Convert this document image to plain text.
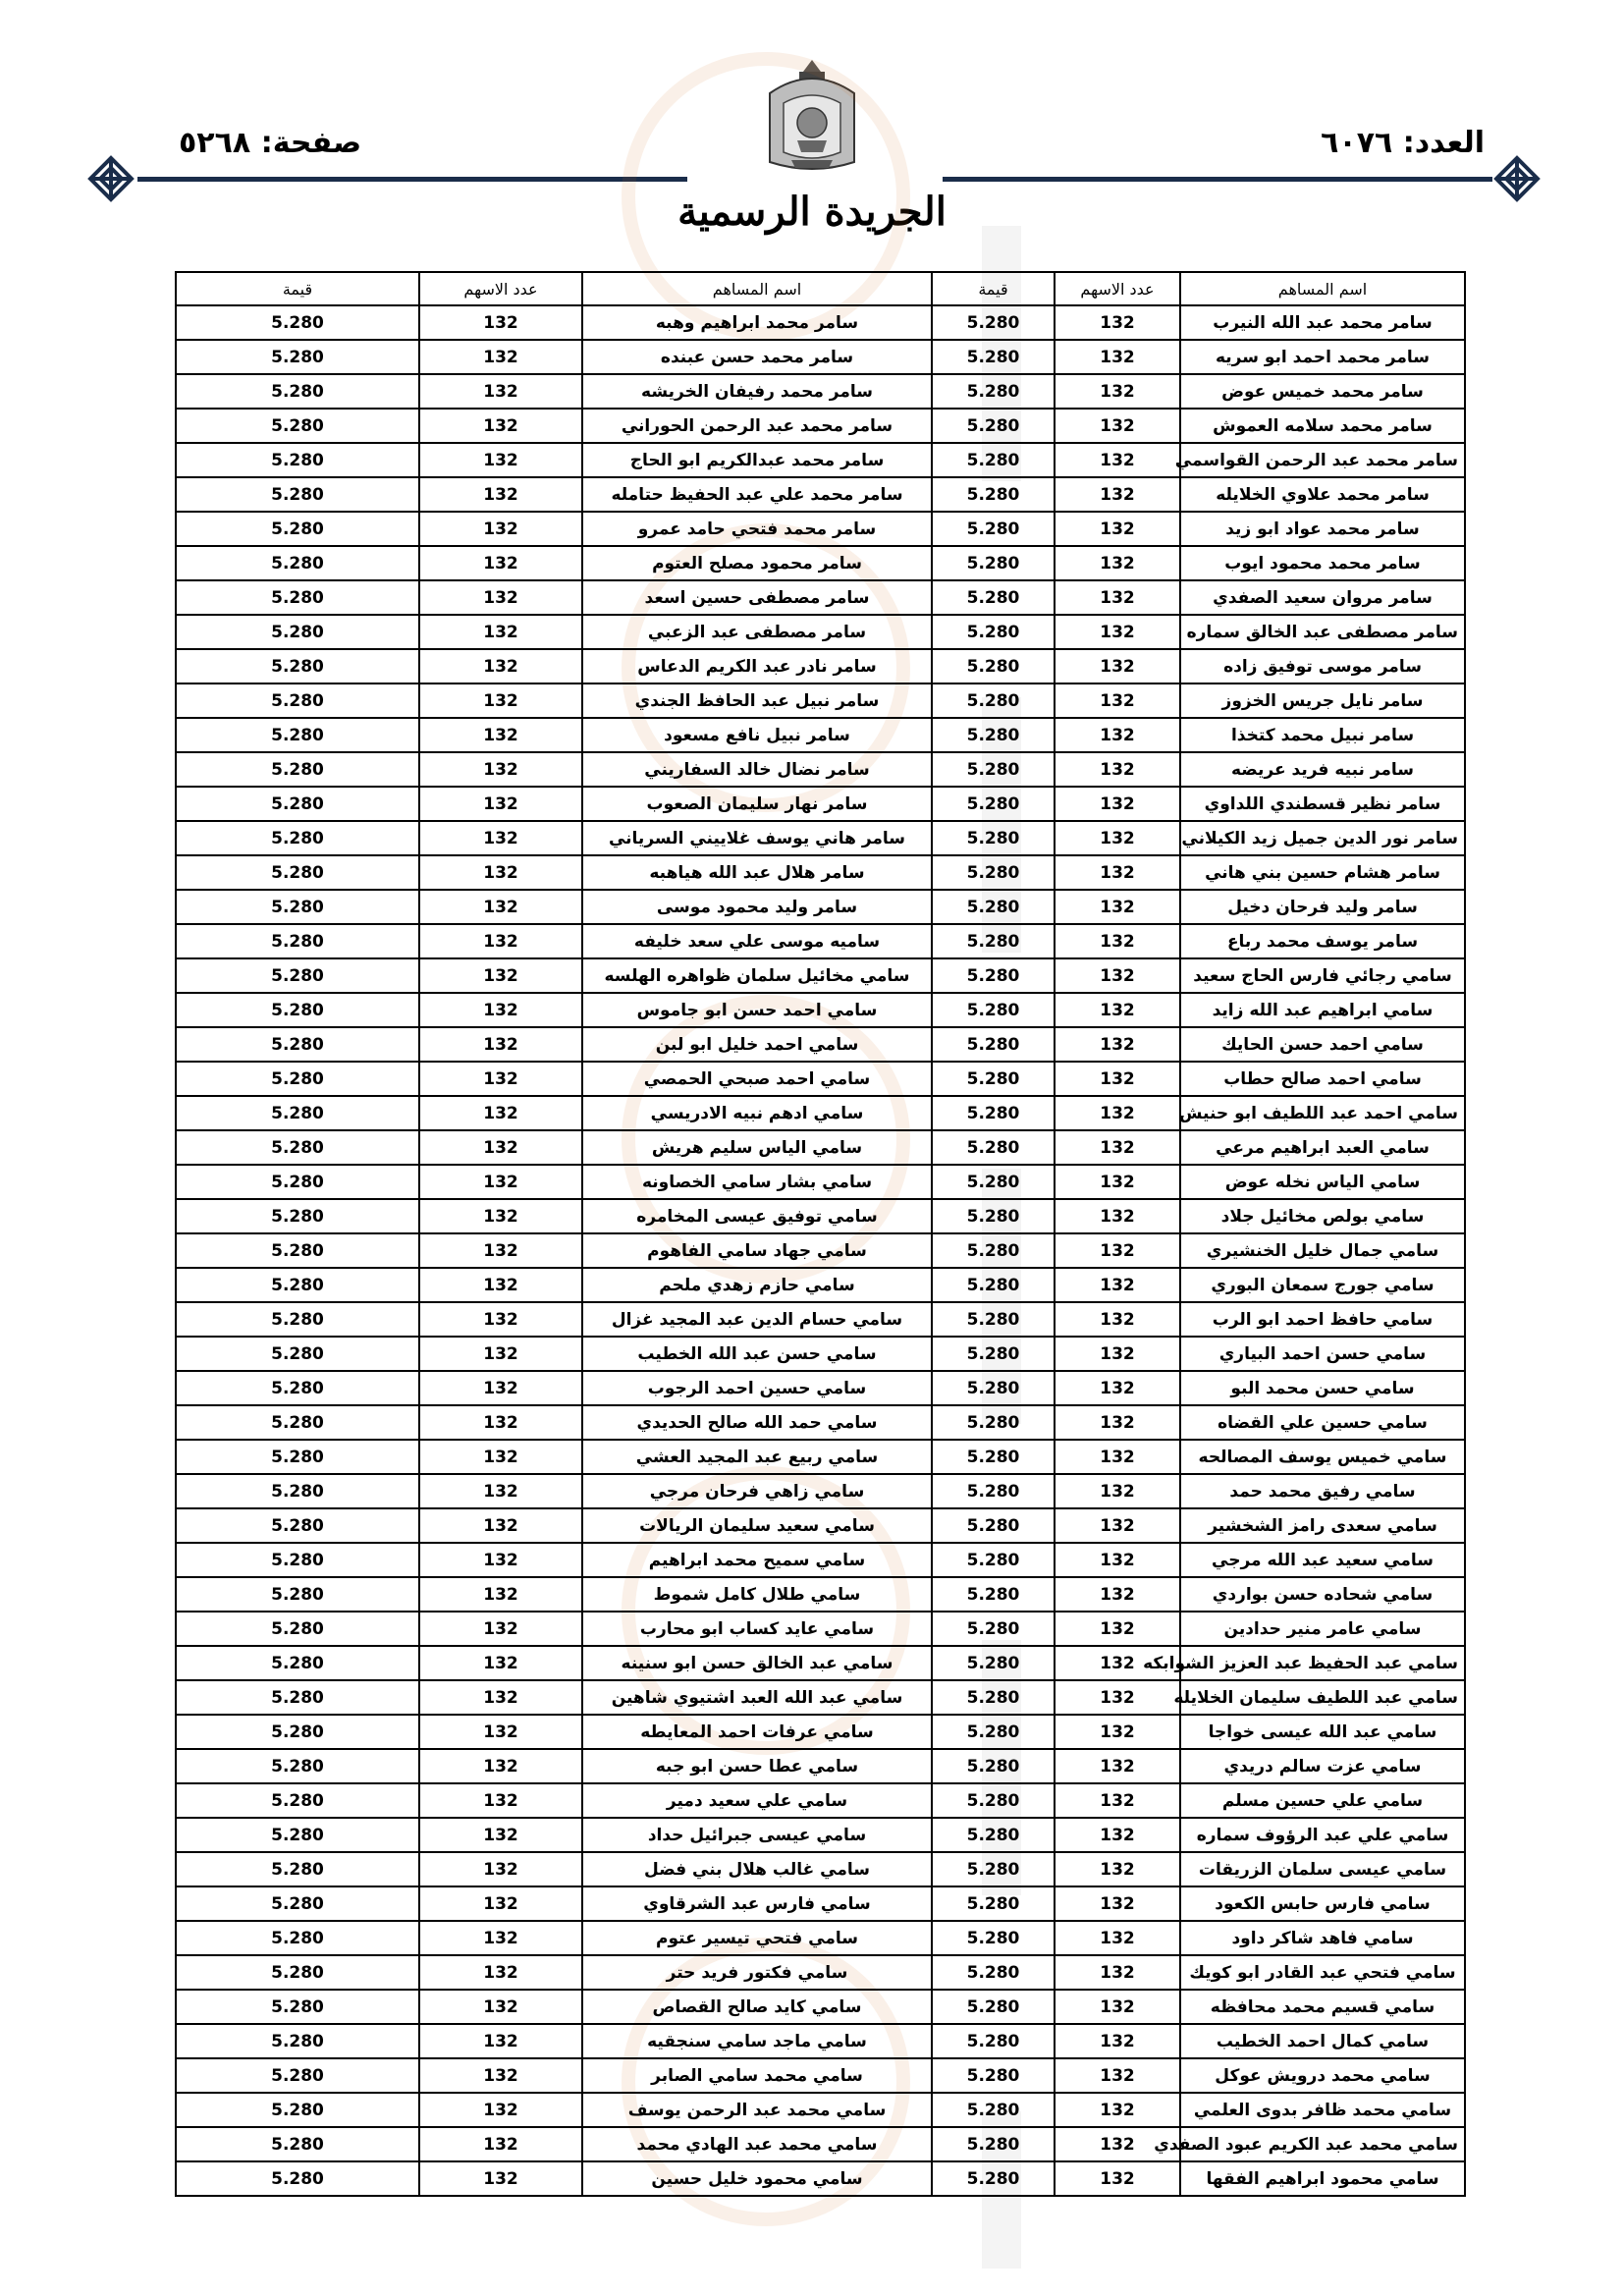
العدد: ٦٠٧٦
صفحة: ٥٢٦٨
الجريدة الرسمية
اسم المساهم	عدد الاسهم	قيمة	اسم المساهم	عدد الاسهم	قيمة
سامر محمد عبد الله النيرب	132	5.280	سامر محمد ابراهيم وهبه	132	5.280
سامر محمد احمد ابو سريه	132	5.280	سامر محمد حسن عبنده	132	5.280
سامر محمد خميس عوض	132	5.280	سامر محمد رفيفان الخريشه	132	5.280
سامر محمد سلامه العموش	132	5.280	سامر محمد عبد الرحمن الحوراني	132	5.280
سامر محمد عبد الرحمن القواسمي	132	5.280	سامر محمد عبدالكريم ابو الحاج	132	5.280
سامر محمد علاوي الخلايله	132	5.280	سامر محمد علي عبد الحفيظ حتامله	132	5.280
سامر محمد عواد ابو زيد	132	5.280	سامر محمد فتحي حامد عمرو	132	5.280
سامر محمد محمود ايوب	132	5.280	سامر محمود مصلح العتوم	132	5.280
سامر مروان سعيد الصفدي	132	5.280	سامر مصطفى حسين اسعد	132	5.280
سامر مصطفى عبد الخالق سماره	132	5.280	سامر مصطفى عبد الزعبي	132	5.280
سامر موسى توفيق زاده	132	5.280	سامر نادر عبد الكريم الدعاس	132	5.280
سامر نايل جريس الخزوز	132	5.280	سامر نبيل عبد الحافظ الجندي	132	5.280
سامر نبيل محمد كتخذا	132	5.280	سامر نبيل نافع مسعود	132	5.280
سامر نبيه فريد عريضه	132	5.280	سامر نضال خالد السفاريني	132	5.280
سامر نظير قسطندي اللداوي	132	5.280	سامر نهار سليمان الصعوب	132	5.280
سامر نور الدين جميل زيد الكيلاني	132	5.280	سامر هاني يوسف غلاييني السرياني	132	5.280
سامر هشام حسين بني هاني	132	5.280	سامر هلال عبد الله هياهبه	132	5.280
سامر وليد فرحان دخيل	132	5.280	سامر وليد محمود موسى	132	5.280
سامر يوسف محمد رباع	132	5.280	ساميه موسى علي سعد خليفه	132	5.280
سامي رجائي فارس الحاج سعيد	132	5.280	سامي مخائيل سلمان ظواهره الهلسه	132	5.280
سامي ابراهيم عبد الله زايد	132	5.280	سامي احمد حسن ابو جاموس	132	5.280
سامي احمد حسن الحايك	132	5.280	سامي احمد خليل ابو لبن	132	5.280
سامي احمد صالح حطاب	132	5.280	سامي احمد صبحي الحمصي	132	5.280
سامي احمد عبد اللطيف ابو حنيش	132	5.280	سامي ادهم نبيه الادريسي	132	5.280
سامي العبد ابراهيم مرعي	132	5.280	سامي الياس سليم هريش	132	5.280
سامي الياس نخله عوض	132	5.280	سامي بشار سامي الخصاونه	132	5.280
سامي بولص مخائيل جلاد	132	5.280	سامي توفيق عيسى المخامره	132	5.280
سامي جمال خليل الخنشيري	132	5.280	سامي جهاد سامي الفاهوم	132	5.280
سامي جورج سمعان البوري	132	5.280	سامي حازم زهدي ملحم	132	5.280
سامي حافظ احمد ابو الرب	132	5.280	سامي حسام الدين عبد المجيد غزال	132	5.280
سامي حسن احمد البياري	132	5.280	سامي حسن عبد الله الخطيب	132	5.280
سامي حسن محمد البو	132	5.280	سامي حسين احمد الرجوب	132	5.280
سامي حسين علي القضاه	132	5.280	سامي حمد الله صالح الحديدي	132	5.280
سامي خميس يوسف المصالحه	132	5.280	سامي ربيع عبد المجيد العشي	132	5.280
سامي رفيق محمد حمد	132	5.280	سامي زاهي فرحان مرجي	132	5.280
سامي سعدى رامز الشخشير	132	5.280	سامي سعيد سليمان الريالات	132	5.280
سامي سعيد عبد الله مرجي	132	5.280	سامي سميح محمد ابراهيم	132	5.280
سامي شحاده حسن بواردي	132	5.280	سامي طلال كامل شموط	132	5.280
سامي عامر منير حدادين	132	5.280	سامي عايد كساب ابو محارب	132	5.280
سامي عبد الحفيظ عبد العزيز الشوابكه	132	5.280	سامي عبد الخالق حسن ابو سنينه	132	5.280
سامي عبد اللطيف سليمان الخلايله	132	5.280	سامي عبد الله العبد اشتيوي شاهين	132	5.280
سامي عبد الله عيسى خواجا	132	5.280	سامي عرفات احمد المعايطه	132	5.280
سامي عزت سالم دريدي	132	5.280	سامي عطا حسن ابو جبه	132	5.280
سامي علي حسين مسلم	132	5.280	سامي علي سعيد دمير	132	5.280
سامي علي عبد الرؤوف سماره	132	5.280	سامي عيسى جبرائيل حداد	132	5.280
سامي عيسى سلمان الزريقات	132	5.280	سامي غالب هلال بني فضل	132	5.280
سامي فارس حابس الكعود	132	5.280	سامي فارس عبد الشرقاوي	132	5.280
سامي فاهد شاكر داود	132	5.280	سامي فتحي تيسير عتوم	132	5.280
سامي فتحي عبد القادر ابو كويك	132	5.280	سامي فكتور فريد حتر	132	5.280
سامي قسيم محمد محافظه	132	5.280	سامي كايد صالح القصاص	132	5.280
سامي كمال احمد الخطيب	132	5.280	سامي ماجد سامي سنجقيه	132	5.280
سامي محمد درويش عوكل	132	5.280	سامي محمد سامي الصابر	132	5.280
سامي محمد ظافر بدوى العلمي	132	5.280	سامي محمد عبد الرحمن يوسف	132	5.280
سامي محمد عبد الكريم عبود الصفدي	132	5.280	سامي محمد عبد الهادي محمد	132	5.280
سامي محمود ابراهيم الفقها	132	5.280	سامي محمود خليل حسين	132	5.280
